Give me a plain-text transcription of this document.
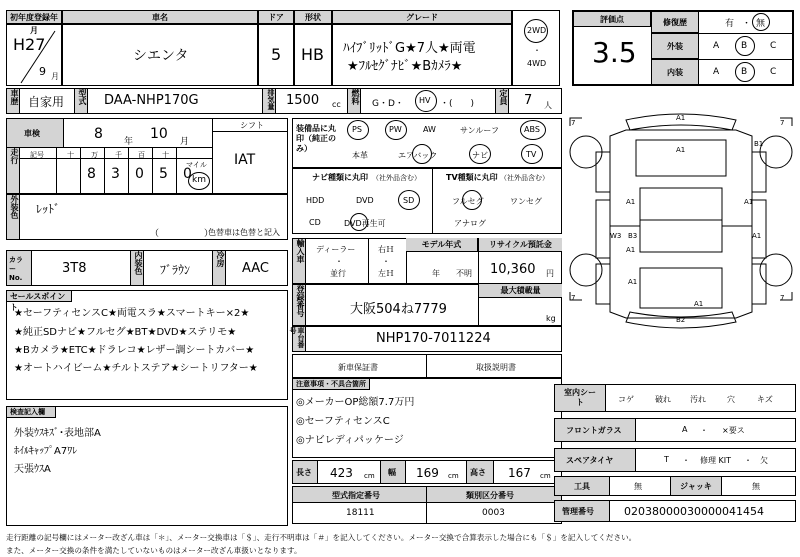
初年度登録年月
車名	ドア	形状	グレード
H27
9 月
シエンタ	5 HB ﾊｲﾌﾞﾘｯﾄﾞG★7人★両電
★ﾌﾙｾｸﾞﾅﾋﾞ★Bｶﾒﾗ★
2WD
・
4WD
評価点
3.5
修復歴
外装
内装
有 ・ 無
A B	C
A B	C
車歴 自家用	型式 DAA-NHP170G	排気量 1500 cc	燃料 G・D・ HV ・(　　)	定員 7 人
車検	8 年 10 月
シフト
IAT
走行 記号	十 万 千 百 十
マイル
8 3 0 5 0 km
装備品に丸印（純正のみ）
PS	PW	AW	サンルーフ	ABS
本革	エアバック	ナビ	TV
ナビ種類に丸印 （社外品含む）
HDD	DVD	SD
CD	DVD再生可
TV種類に丸印 （社外品含む）
フルセグ	ワンセグ
アナログ
外装色 ﾚｯﾄﾞ
（　　　　　）
色替車は色替と記入
カラーNo.
3T8	内装色 ﾌﾞﾗｳﾝ
冷房
AAC
輸入車 ディーラー
・
並行
右Ｈ
・
左Ｈ
モデル年式
年 不明
リサイクル預託金
10,360 円
登録番号	大阪504ね7779
最大積載量
kg
車台番号
NHP170-7011224
セールスポイント
★セーフティセンスC★両電スラ★スマートキー×2★
★純正SDナビ★フルセグ★BT★DVD★ステリモ★
★Bカメラ★ETC★ドラレコ★レザー調シートカバー★
★オートハイビーム★チルトステア★シートリフター★	新車保証書	取扱説明書
注意事項・不具合箇所
◎メーカーOP総額7.7万円
◎セーフティセンスC
◎ナビレディパッケージ
検査記入欄
外装ｳｽｷｽﾞ･表地部A
ﾎｲﾙｷｬｯﾌﾟA7ﾜﾚ
天張ｳｽA	長さ 423 cm 幅 169 cm 高さ 167 cm
型式指定番号
18111
類別区分番号
0003
7	7
7	7
A1
B1
A1
A1
W3 B3
A1
A1
A1
A1
A1
B2
室内シート	コゲ	破れ 汚れ	穴	キズ
フロントガラス	A ・ ×要ス
スペアタイヤ	T ・ 修理 KIT ・ 欠
工具	無	ジャッキ	無
管理番号	02038000030000041454
走行距離の記号欄にはメーター改ざん車は「＊」、メーター交換車は「＄」、走行不明車は「＃」を記入してください。メーター交換で合算表示した場合にも「＄」を記入してください。
また、メーター交換の条件を満たしていないものはメーター改ざん車扱いとなります。
